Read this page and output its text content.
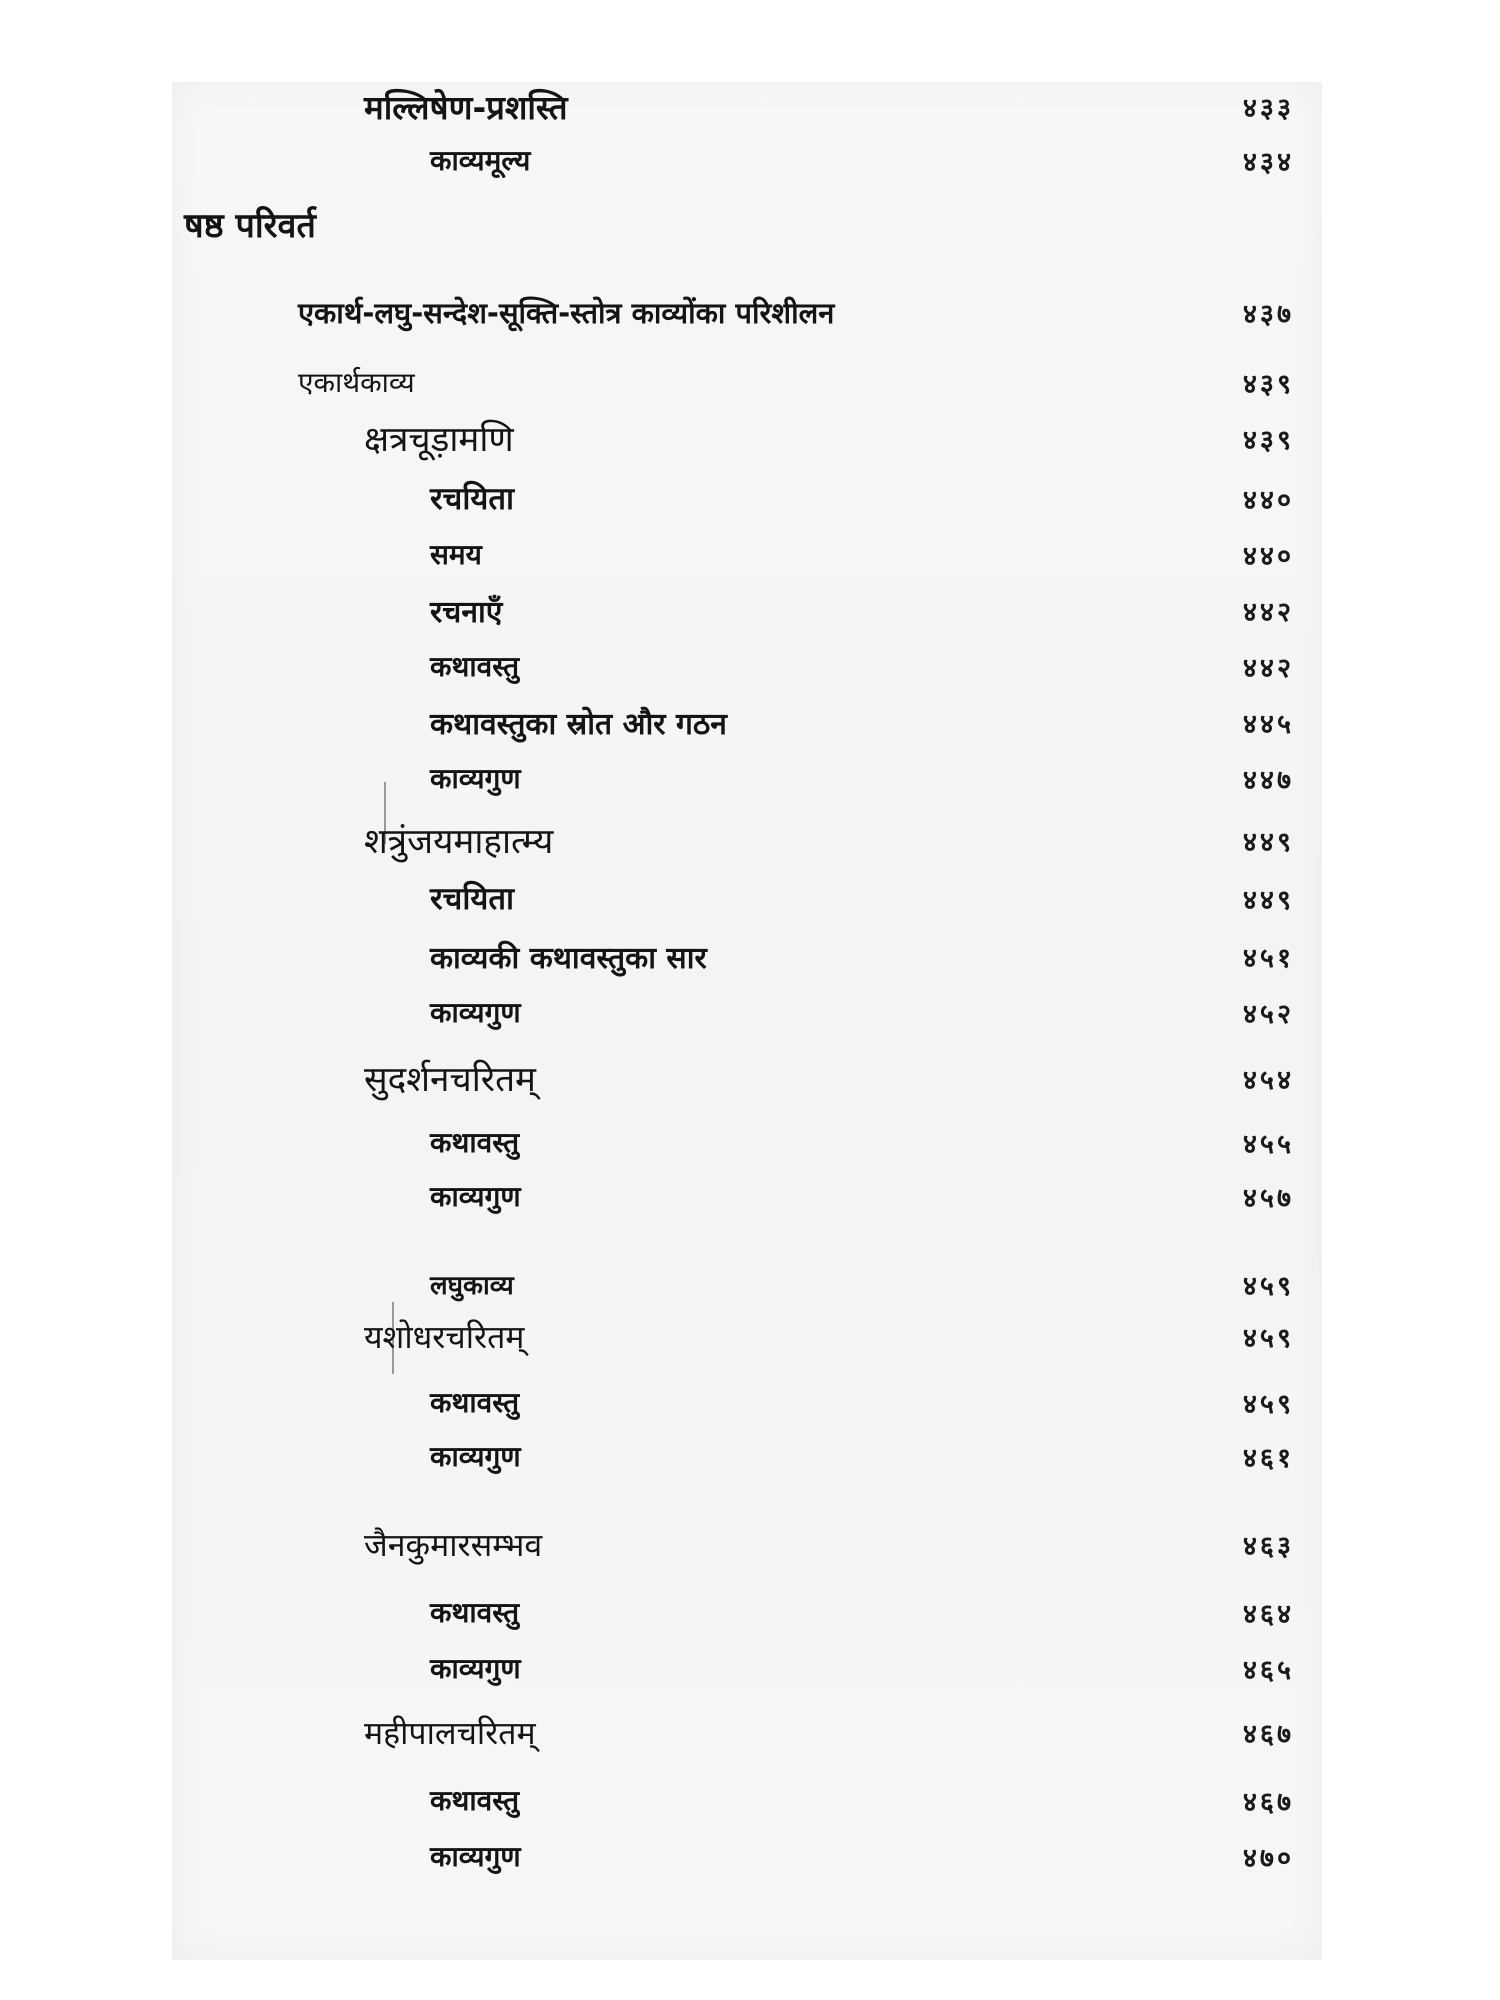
मल्लिषेण-प्रशस्ति	४३३
काव्यमूल्य	४३४
षष्ठ परिवर्त
एकार्थ-लघु-सन्देश-सूक्ति-स्तोत्र काव्योंका परिशीलन	४३७
एकार्थकाव्य	४३९
क्षत्रचूड़ामणि	४३९
रचयिता	४४०
समय	४४०
रचनाएँ	४४२
कथावस्तु	४४२
कथावस्तुका स्रोत और गठन	४४५
काव्यगुण	४४७
शत्रुंजयमाहात्म्य	४४९
रचयिता	४४९
काव्यकी कथावस्तुका सार	४५१
काव्यगुण	४५२
सुदर्शनचरितम्	४५४
कथावस्तु	४५५
काव्यगुण	४५७
लघुकाव्य	४५९
यशोधरचरितम्	४५९
कथावस्तु	४५९
काव्यगुण	४६१
जैनकुमारसम्भव	४६३
कथावस्तु	४६४
काव्यगुण	४६५
महीपालचरितम्	४६७
कथावस्तु	४६७
काव्यगुण	४७०
